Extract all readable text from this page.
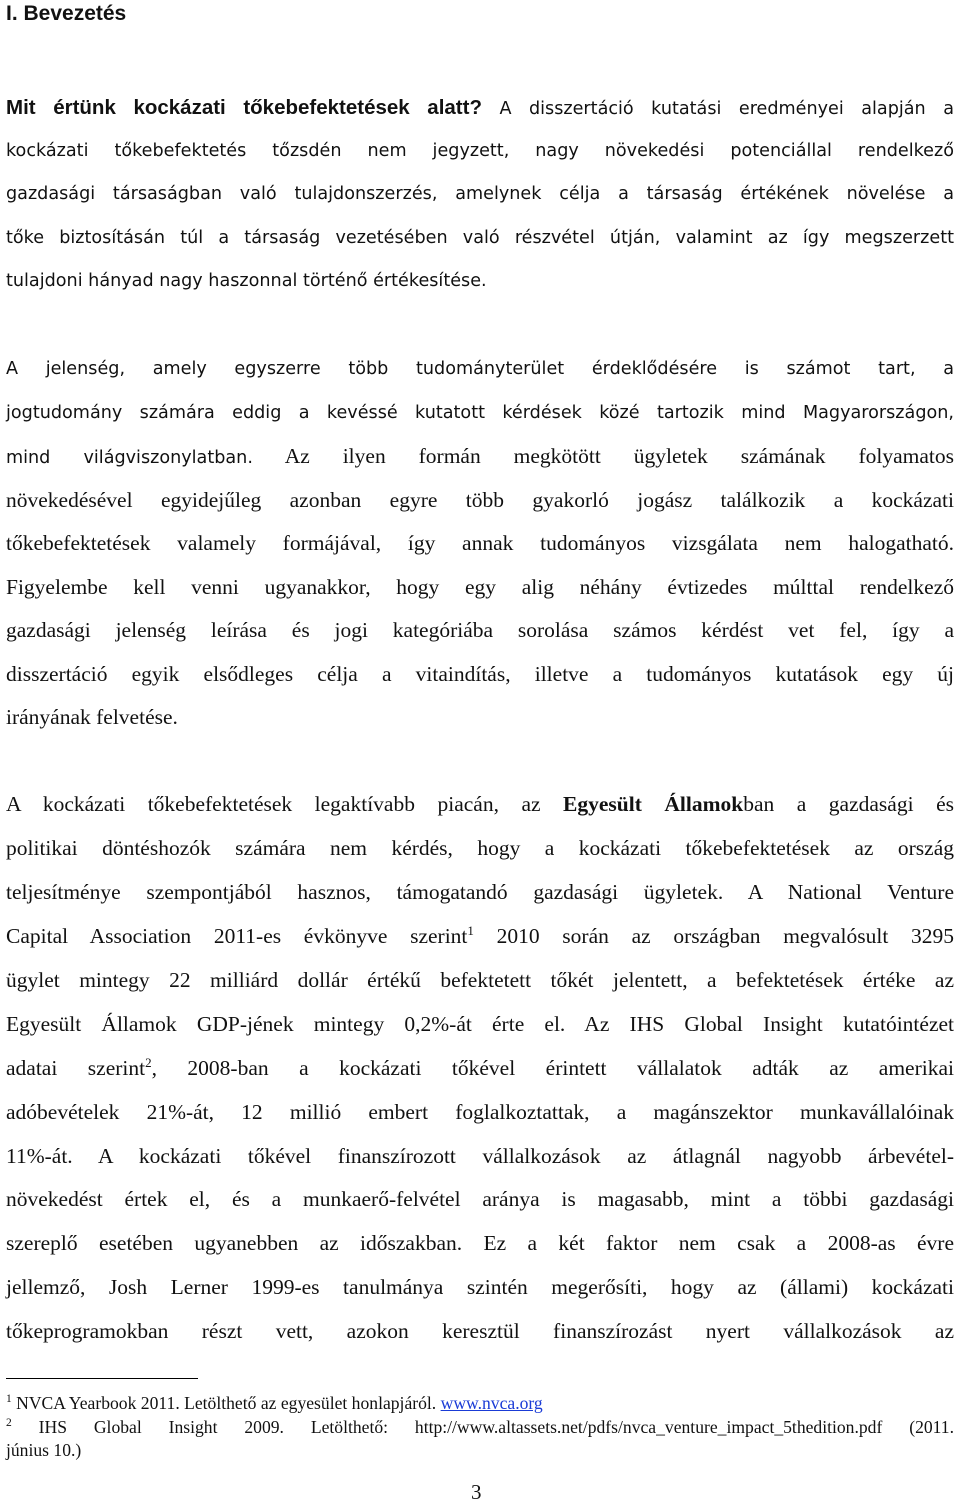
I. Bevezetés
Mit értünk kockázati tőkebefektetések alatt? A disszertáció kutatási eredményei alapján a
kockázati tőkebefektetés tőzsdén nem jegyzett, nagy növekedési potenciállal rendelkező
gazdasági társaságban való tulajdonszerzés, amelynek célja a társaság értékének növelése a
tőke biztosításán túl a társaság vezetésében való részvétel útján, valamint az így megszerzett
tulajdoni hányad nagy haszonnal történő értékesítése.
A jelenség, amely egyszerre több tudományterület érdeklődésére is számot tart, a
jogtudomány számára eddig a kevéssé kutatott kérdések közé tartozik mind Magyarországon,
mind világviszonylatban. Az ilyen formán megkötött ügyletek számának folyamatos
növekedésével egyidejűleg azonban egyre több gyakorló jogász találkozik a kockázati
tőkebefektetések valamely formájával, így annak tudományos vizsgálata nem halogatható.
Figyelembe kell venni ugyanakkor, hogy egy alig néhány évtizedes múlttal rendelkező
gazdasági jelenség leírása és jogi kategóriába sorolása számos kérdést vet fel, így a
disszertáció egyik elsődleges célja a vitaindítás, illetve a tudományos kutatások egy új
irányának felvetése.
A kockázati tőkebefektetések legaktívabb piacán, az Egyesült Államokban a gazdasági és
politikai döntéshozók számára nem kérdés, hogy a kockázati tőkebefektetések az ország
teljesítménye szempontjából hasznos, támogatandó gazdasági ügyletek. A National Venture
Capital Association 2011-es évkönyve szerint$^1$ 2010 során az országban megvalósult 3295
ügylet mintegy 22 milliárd dollár értékű befektetett tőkét jelentett, a befektetések értéke az
Egyesült Államok GDP-jének mintegy 0,2%-át érte el. Az IHS Global Insight kutatóintézet
adatai szerint$^2$, 2008-ban a kockázati tőkével érintett vállalatok adták az amerikai
adóbevételek 21%-át, 12 millió embert foglalkoztattak, a magánszektor munkavállalóinak
11%-át. A kockázati tőkével finanszírozott vállalkozások az átlagnál nagyobb árbevétel-
növekedést értek el, és a munkaerő-felvétel aránya is magasabb, mint a többi gazdasági
szereplő esetében ugyanebben az időszakban. Ez a két faktor nem csak a 2008-as évre
jellemző, Josh Lerner 1999-es tanulmánya szintén megerősíti, hogy az (állami) kockázati
tőkeprogramokban részt vett, azokon keresztül finanszírozást nyert vállalkozások az
$^1$ NVCA Yearbook 2011. Letölthető az egyesület honlapjáról. www.nvca.org
$^2$ IHS Global Insight 2009. Letölthető: http://www.altassets.net/pdfs/nvca_venture_impact_5thedition.pdf (2011.
június 10.)
3
